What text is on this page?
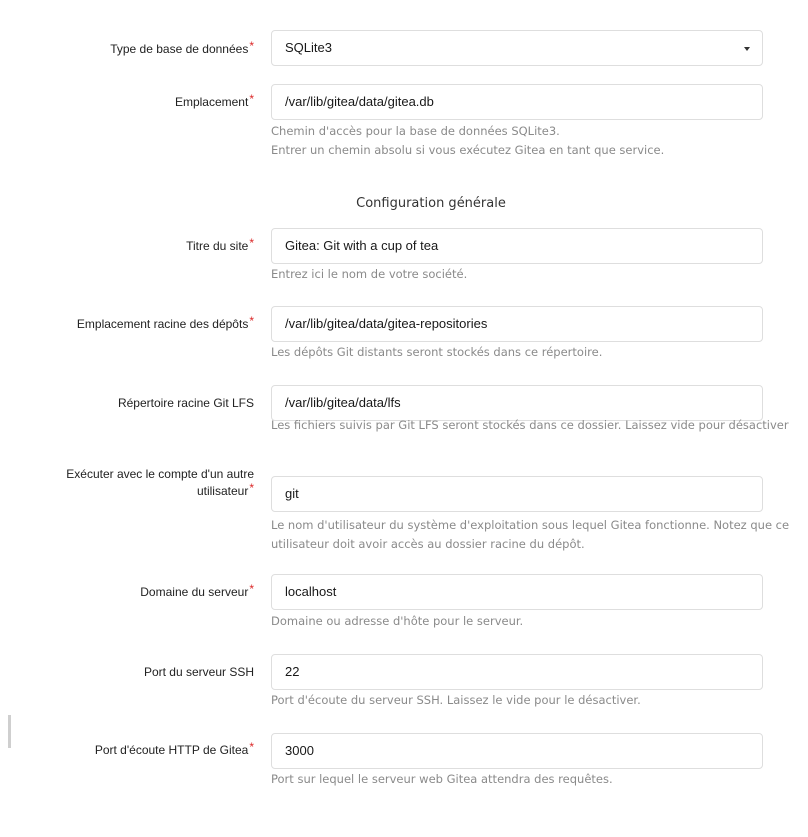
Type de base de données*	SQLite3
Emplacement*	/var/lib/gitea/data/gitea.db
Chemin d'accès pour la base de données SQLite3.
Entrer un chemin absolu si vous exécutez Gitea en tant que service.
Configuration générale
Titre du site*	Gitea: Git with a cup of tea
Entrez ici le nom de votre société.
Emplacement racine des dépôts*	/var/lib/gitea/data/gitea-repositories
Les dépôts Git distants seront stockés dans ce répertoire.
Répertoire racine Git LFS	/var/lib/gitea/data/lfs
Les fichiers suivis par Git LFS seront stockés dans ce dossier. Laissez vide pour désactiver
Exécuter avec le compte d'un autre
utilisateur*	git
Le nom d'utilisateur du système d'exploitation sous lequel Gitea fonctionne. Notez que ce
utilisateur doit avoir accès au dossier racine du dépôt.
Domaine du serveur*	localhost
Domaine ou adresse d'hôte pour le serveur.
Port du serveur SSH	22
Port d'écoute du serveur SSH. Laissez le vide pour le désactiver.
Port d'écoute HTTP de Gitea*	3000
Port sur lequel le serveur web Gitea attendra des requêtes.
